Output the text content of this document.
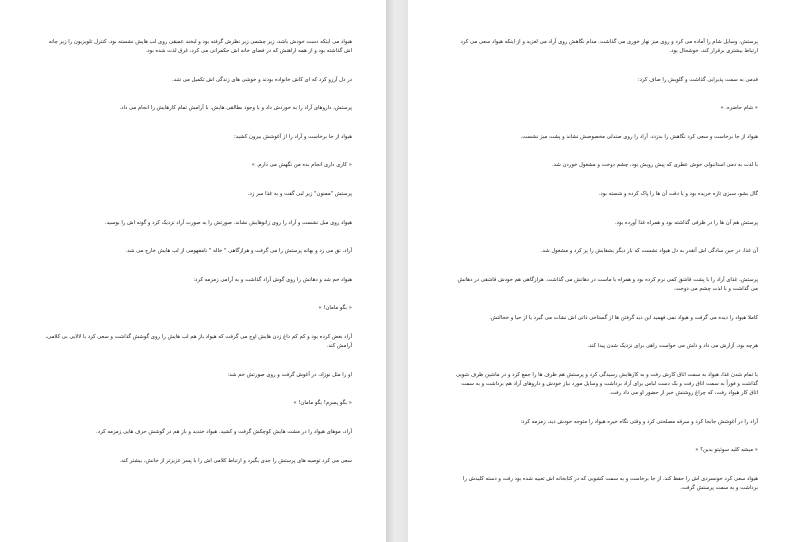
هیواد می اینکه دست خودش باشد، زیر چشمی زیر نظرش گرفته بود و لبخند عمیقی روی لب هایش نشسته بود. کنترل تلویزیون را زیر چانه اش گذاشته بود و از همه اراهنش که در فضای خانه اش حکمرانی می کرد، غرق لذت شده بود.

در دل آرزو کرد که ای کاش خانواده بودند و خوشی های زندگی اش تکمیل می شد.

پرستش، داروهای آراد را به خوردش داد و با وجود بطالقی هایش، با آرامش تمام کارهایش را انجام می داد.

هیواد از جا برخاست و آراد را از آغوشش بیرون کشید:

« کاری داری انجام بده من نگهش می دارم. »

پرستش "ممنون" زیر لبی گفت و به غذا سر زد.

هیواد روی مبل نشست و آراد را روی زانوهایش نشاند. صورتش را به صورت آراد نزدیک کرد و گونه اش را بوسید.

آراد، نق می زد و بهانه پرستش را می گرفت و هرازگاهی " خاله " نامفهومی از لب هایش خارج می شد.

هیواد خم شد و دهانش را روی گوش آراد گذاشت و به آرامی زمزمه کرد:

« بگو مامان! »

آراد بغض کرده بود و کم کم داغ زدن هایش اوج می گرفت که هیواد باز هم لب هایش را روی گوشش گذاشت و سعی کرد با لالایی بی کلامی، آرامش کند.

او را مثل نوزاد، در آغوش گرفت و روی صورتش خم شد:

« بگو پسرم! بگو مامان! »

آراد، موهای هیواد را در مشت هایش کوچکش گرفت و کشید. هیواد خندید و باز هم در گوشش حرف هایی زمزمه کرد.

سعی می کرد توصیه های پرستش را جدی بگیرد و ارتباط کلامی اش را با پسر عزیزتر از جانش، بیشتر کند.

پرستش، وسایل شام را آماده می کرد و روی میز نهار خوری می گذاشت. مدام نگاهش روی آراد می لغزید و از اینکه هیواد سعی می کرد ارتباط بیشتری برقرار کند، خوشحال بود.

قدمی به سمت پذیرایی گذاشت و گلویش را صاف کرد:

« شام حاضره. »

هیواد از جا برخاست و سعی کرد نگاهش را بدزدد. آراد را روی صندلی مخصوصش نشاند و پشت میز نشست.

با لذت به دمی استانبولی خوش عطری که پیش رویش بود، چشم دوخت و مشغول خوردن شد.

گال بشو، سبزی تازه خریده بود و با دقت آن ها را پاک کرده و شسته بود.

پرستش هم آن ها را در ظرفی گذاشته بود و همراه غذا آورده بود.

آن غذا، در حین سادگی اش آنقدر به دل هیواد نشست که بار دیگر بشقابش را پر کرد و مشغول شد.

پرستش، غذای آراد را با پشت قاشق کمی نرم کرده بود و همراه با ماست در دهانش می گذاشت. هرازگاهی هم خودش قاشقی در دهانش می گذاشت و با لذت چشم می دوخت.

کاملا هیواد را دیده می گرفت و هیواد نمی فهمید این دید گرفتن ها از گستاخی ذاتی اش نشات می گیرد یا از حیا و خجالتش.

هرچه بود، آزارش می داد و دلش می خواست راهی برای نزدیک شدن پیدا کند.

با تمام شدن غذا، هیواد به سمت اتاق کارش رفت و به کارهایش رسیدگی کرد و پرستش هم ظرف ها را جمع کرد و در ماشین ظرف شویی گذاشت و فوراً به سمت اتاق رفت و یک دست لباس برای آراد برداشت و وسایل مورد نیاز خودش و داروهای آراد هم برداشت و به سمت اتاق کار هیواد رفت، که چراغ روشنش خبر از حضور او می داد رفت.

آراد را در آغوشش جابجا کرد و سرفه مصلحتی کرد و وقتی نگاه خیره هیواد را متوجه خودش دید، زمزمه کرد:

« میشه کلید سوئیتو بدین؟ »

هیواد سعی کرد خونسردی اش را حفظ کند. از جا برخاست و به سمت کشویی که در کتابخانه اش تعبیه شده بود رفت و دسته کلیدش را برداشت و به سمت پرستش گرفت.
